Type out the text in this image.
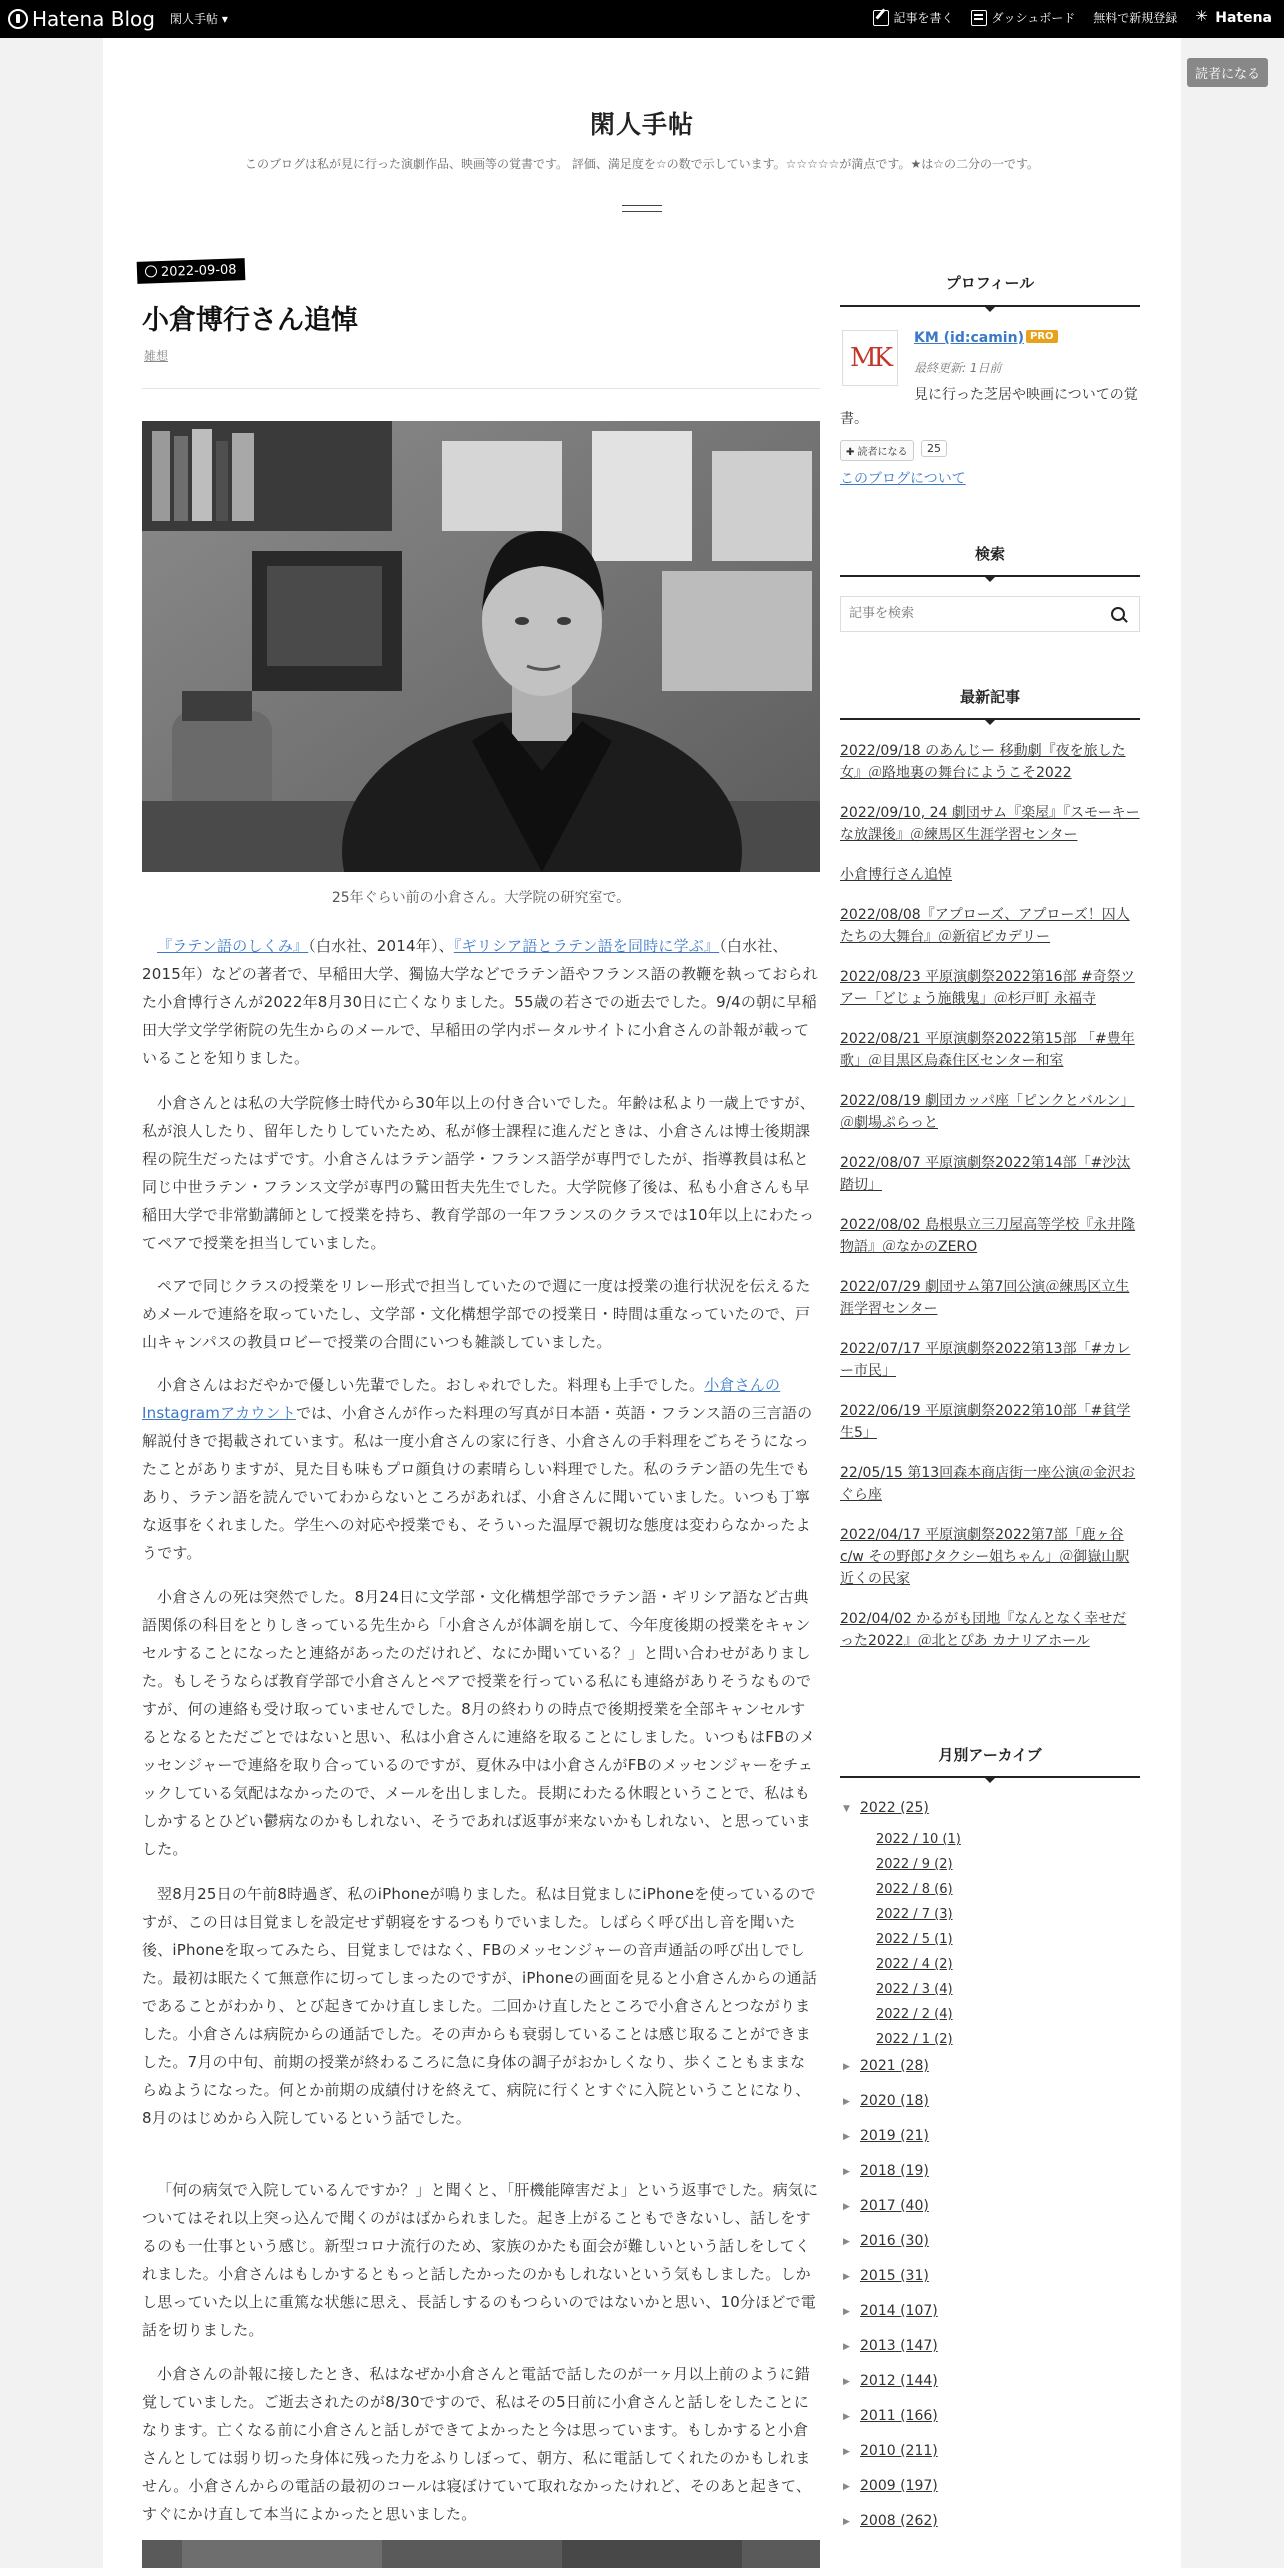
Hatena Blog 閑人手帖 ▾	記事を書く	ダッシュボード 無料で新規登録
✳	Hatena
読者になる
閑人手帖
このブログは私が見に行った演劇作品、映画等の覚書です。 評価、満足度を☆の数で示しています。☆☆☆☆☆が満点です。★は☆の二分の一です。
2022-09-08
小倉博行さん追悼
雑想
25年ぐらい前の小倉さん。大学院の研究室で。

『ラテン語のしくみ』（白水社、2014年）、『ギリシア語とラテン語を同時に学ぶ』（白水社、2015年）などの著者で、早稲田大学、獨協大学などでラテン語やフランス語の教鞭を執っておられた小倉博行さんが2022年8月30日に亡くなりました。55歳の若さでの逝去でした。9/4の朝に早稲田大学文学学術院の先生からのメールで、早稲田の学内ポータルサイトに小倉さんの訃報が載っていることを知りました。

小倉さんとは私の大学院修士時代から30年以上の付き合いでした。年齢は私より一歳上ですが、私が浪人したり、留年したりしていたため、私が修士課程に進んだときは、小倉さんは博士後期課程の院生だったはずです。小倉さんはラテン語学・フランス語学が専門でしたが、指導教員は私と同じ中世ラテン・フランス文学が専門の鷲田哲夫先生でした。大学院修了後は、私も小倉さんも早稲田大学で非常勤講師として授業を持ち、教育学部の一年フランスのクラスでは10年以上にわたってペアで授業を担当していました。

ペアで同じクラスの授業をリレー形式で担当していたので週に一度は授業の進行状況を伝えるためメールで連絡を取っていたし、文学部・文化構想学部での授業日・時間は重なっていたので、戸山キャンパスの教員ロビーで授業の合間にいつも雑談していました。

小倉さんはおだやかで優しい先輩でした。おしゃれでした。料理も上手でした。小倉さんのInstagramアカウントでは、小倉さんが作った料理の写真が日本語・英語・フランス語の三言語の解説付きで掲載されています。私は一度小倉さんの家に行き、小倉さんの手料理をごちそうになったことがありますが、見た目も味もプロ顔負けの素晴らしい料理でした。私のラテン語の先生でもあり、ラテン語を読んでいてわからないところがあれば、小倉さんに聞いていました。いつも丁寧な返事をくれました。学生への対応や授業でも、そういった温厚で親切な態度は変わらなかったようです。

小倉さんの死は突然でした。8月24日に文学部・文化構想学部でラテン語・ギリシア語など古典語関係の科目をとりしきっている先生から「小倉さんが体調を崩して、今年度後期の授業をキャンセルすることになったと連絡があったのだけれど、なにか聞いている？」と問い合わせがありました。もしそうならば教育学部で小倉さんとペアで授業を行っている私にも連絡がありそうなものですが、何の連絡も受け取っていませんでした。8月の終わりの時点で後期授業を全部キャンセルするとなるとただごとではないと思い、私は小倉さんに連絡を取ることにしました。いつもはFBのメッセンジャーで連絡を取り合っているのですが、夏休み中は小倉さんがFBのメッセンジャーをチェックしている気配はなかったので、メールを出しました。長期にわたる休暇ということで、私はもしかするとひどい鬱病なのかもしれない、そうであれば返事が来ないかもしれない、と思っていました。

翌8月25日の午前8時過ぎ、私のiPhoneが鳴りました。私は目覚ましにiPhoneを使っているのですが、この日は目覚ましを設定せず朝寝をするつもりでいました。しばらく呼び出し音を聞いた後、iPhoneを取ってみたら、目覚ましではなく、FBのメッセンジャーの音声通話の呼び出しでした。最初は眠たくて無意作に切ってしまったのですが、iPhoneの画面を見ると小倉さんからの通話であることがわかり、とび起きてかけ直しました。二回かけ直したところで小倉さんとつながりました。小倉さんは病院からの通話でした。その声からも衰弱していることは感じ取ることができました。7月の中旬、前期の授業が終わるころに急に身体の調子がおかしくなり、歩くこともままならぬようになった。何とか前期の成績付けを終えて、病院に行くとすぐに入院ということになり、8月のはじめから入院しているという話でした。

「何の病気で入院しているんですか？」と聞くと、「肝機能障害だよ」という返事でした。病気についてはそれ以上突っ込んで聞くのがはばかられました。起き上がることもできないし、話しをするのも一仕事という感じ。新型コロナ流行のため、家族のかたも面会が難しいという話しをしてくれました。小倉さんはもしかするともっと話したかったのかもしれないという気もしました。しかし思っていた以上に重篤な状態に思え、長話しするのもつらいのではないかと思い、10分ほどで電話を切りました。

小倉さんの訃報に接したとき、私はなぜか小倉さんと電話で話したのが一ヶ月以上前のように錯覚していました。ご逝去されたのが8/30ですので、私はその5日前に小倉さんと話しをしたことになります。亡くなる前に小倉さんと話しができてよかったと今は思っています。もしかすると小倉さんとしては弱り切った身体に残った力をふりしぼって、朝方、私に電話してくれたのかもしれません。小倉さんからの電話の最初のコールは寝ぼけていて取れなかったけれど、そのあと起きて、すぐにかけ直して本当によかったと思いました。

プロフィール
MK
KM (id:camin) PRO
最終更新: 1日前

見に行った芝居や映画についての覚書。

✚ 読者になる	25
このブログについて
検索
記事を検索
最新記事
2022/09/18 のあんじー 移動劇『夜を旅した女』＠路地裏の舞台にようこそ2022
2022/09/10, 24 劇団サム『楽屋』『スモーキーな放課後』＠練馬区生涯学習センター
小倉博行さん追悼
2022/08/08『アプローズ、アプローズ！囚人たちの大舞台』＠新宿ピカデリー
2022/08/23 平原演劇祭2022第16部 #奇祭ツアー「どじょう施餓鬼」＠杉戸町 永福寺
2022/08/21 平原演劇祭2022第15部 「#豊年歌」＠目黒区烏森住区センター和室
2022/08/19 劇団カッパ座「ピンクとバルン」＠劇場ぷらっと
2022/08/07 平原演劇祭2022第14部「#沙汰踏切」
2022/08/02 島根県立三刀屋高等学校『永井隆物語』＠なかのZERO
2022/07/29 劇団サム第7回公演＠練馬区立生涯学習センター
2022/07/17 平原演劇祭2022第13部「#カレー市民」
2022/06/19 平原演劇祭2022第10部「#貧学生5」
22/05/15 第13回森本商店街一座公演＠金沢おぐら座
2022/04/17 平原演劇祭2022第7部「鹿ヶ谷c/w その野郎♪タクシー姐ちゃん」＠御嶽山駅近くの民家
202/04/02 かるがも団地『なんとなく幸せだった2022』＠北とぴあ カナリアホール
月別アーカイブ
▼ 2022 (25)
2022 / 10 (1)
2022 / 9 (2)
2022 / 8 (6)
2022 / 7 (3)
2022 / 5 (1)
2022 / 4 (2)
2022 / 3 (4)
2022 / 2 (4)
2022 / 1 (2)
▶ 2021 (28)
▶ 2020 (18)
▶ 2019 (21)
▶ 2018 (19)
▶ 2017 (40)
▶ 2016 (30)
▶ 2015 (31)
▶ 2014 (107)
▶ 2013 (147)
▶ 2012 (144)
▶ 2011 (166)
▶ 2010 (211)
▶ 2009 (197)
▶ 2008 (262)
